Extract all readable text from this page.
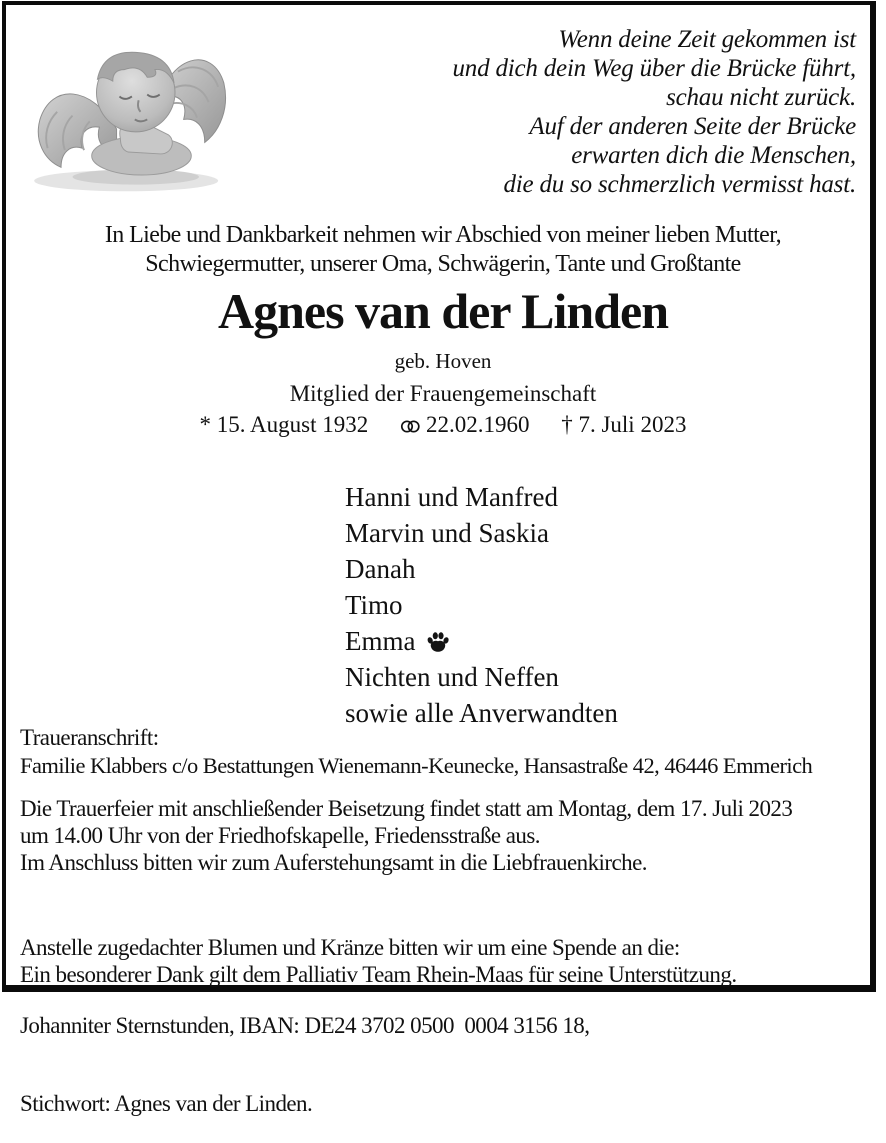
Wenn deine Zeit gekommen ist
und dich dein Weg über die Brücke führt,
schau nicht zurück.
Auf der anderen Seite der Brücke
erwarten dich die Menschen,
die du so schmerzlich vermisst hast.
In Liebe und Dankbarkeit nehmen wir Abschied von meiner lieben Mutter,
Schwiegermutter, unserer Oma, Schwägerin, Tante und Großtante
Agnes van der Linden
geb. Hoven
Mitglied der Frauengemeinschaft
* 15. August 1932	22.02.1960 † 7. Juli 2023
Hanni und Manfred
Marvin und Saskia
Danah
Timo
Emma
Nichten und Neffen
sowie alle Anverwandten
Traueranschrift:
Familie Klabbers c/o Bestattungen Wienemann-Keunecke, Hansastraße 42, 46446 Emmerich
Die Trauerfeier mit anschließender Beisetzung findet statt am Montag, dem 17. Juli 2023
um 14.00 Uhr von der Friedhofskapelle, Friedensstraße aus.
Im Anschluss bitten wir zum Auferstehungsamt in die Liebfrauenkirche.

Anstelle zugedachter Blumen und Kränze bitten wir um eine Spende an die:

Johanniter Sternstunden, IBAN: DE24 3702 0500  0004 3156 18,

Stichwort: Agnes van der Linden.

Ein besonderer Dank gilt dem Palliativ Team Rhein-Maas für seine Unterstützung.
